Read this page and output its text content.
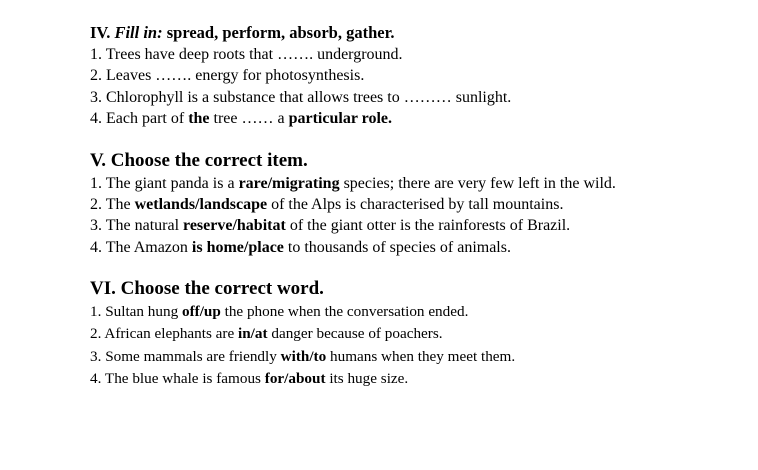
IV. Fill in: spread, perform, absorb, gather.
1. Trees have deep roots that ……. underground.
2. Leaves ……. energy for photosynthesis.
3. Chlorophyll is a substance that allows trees to ……… sunlight.
4. Each part of the tree …… a particular role.
V. Choose the correct item.
1. The giant panda is a rare/migrating species; there are very few left in the wild.
2. The wetlands/landscape of the Alps is characterised by tall mountains.
3. The natural reserve/habitat of the giant otter is the rainforests of Brazil.
4. The Amazon is home/place to thousands of species of animals.
VI. Choose the correct word.
1. Sultan hung off/up the phone when the conversation ended.
2. African elephants are in/at danger because of poachers.
3. Some mammals are friendly with/to humans when they meet them.
4. The blue whale is famous for/about its huge size.
